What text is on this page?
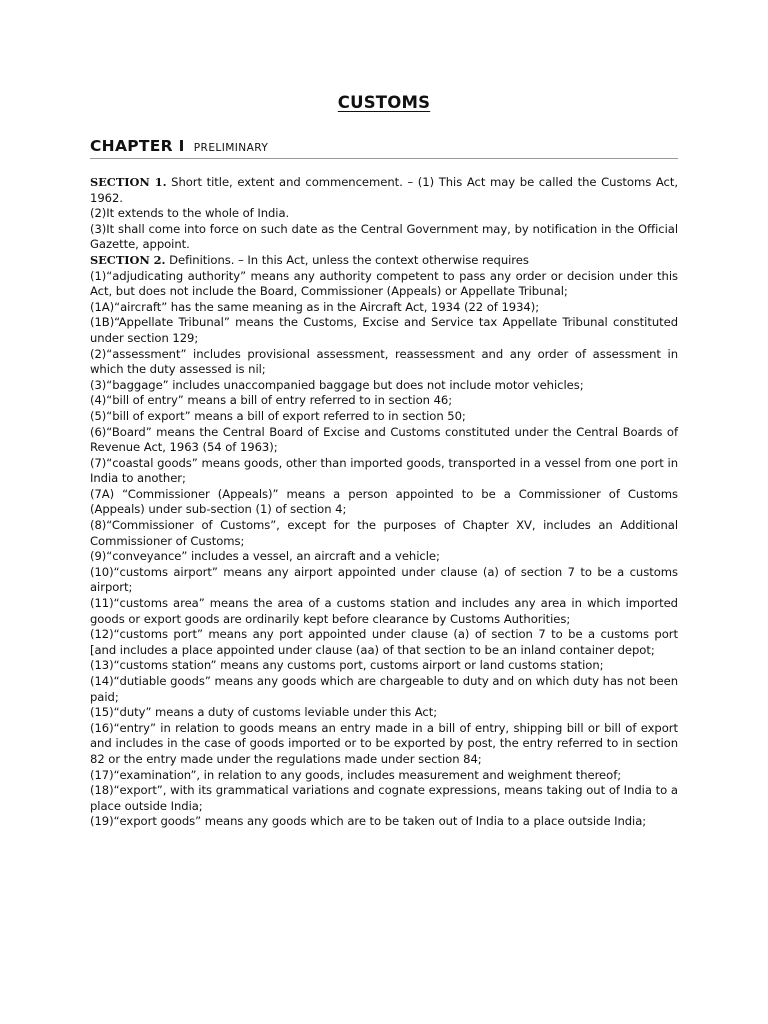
CUSTOMS
CHAPTER I PRELIMINARY

SECTION 1. Short title, extent and commencement. – (1) This Act may be called the Customs Act, 1962.

(2)It extends to the whole of India.

(3)It shall come into force on such date as the Central Government may, by notification in the Official Gazette, appoint.

SECTION 2. Definitions. – In this Act, unless the context otherwise requires

(1)“adjudicating authority” means any authority competent to pass any order or decision under this Act, but does not include the Board, Commissioner (Appeals) or Appellate Tribunal;

(1A)“aircraft” has the same meaning as in the Aircraft Act, 1934 (22 of 1934);

(1B)“Appellate Tribunal” means the Customs, Excise and Service tax Appellate Tribunal constituted under section 129;

(2)“assessment” includes provisional assessment, reassessment and any order of assessment in which the duty assessed is nil;

(3)“baggage” includes unaccompanied baggage but does not include motor vehicles;

(4)“bill of entry” means a bill of entry referred to in section 46;

(5)“bill of export” means a bill of export referred to in section 50;

(6)“Board” means the Central Board of Excise and Customs constituted under the Central Boards of Revenue Act, 1963 (54 of 1963);

(7)“coastal goods” means goods, other than imported goods, transported in a vessel from one port in India to another;

(7A) “Commissioner (Appeals)” means a person appointed to be a Commissioner of Customs (Appeals) under sub-section (1) of section 4;

(8)“Commissioner of Customs”, except for the purposes of Chapter XV, includes an Additional Commissioner of Customs;

(9)“conveyance” includes a vessel, an aircraft and a vehicle;

(10)“customs airport” means any airport appointed under clause (a) of section 7 to be a customs airport;

(11)“customs area” means the area of a customs station and includes any area in which imported goods or export goods are ordinarily kept before clearance by Customs Authorities;

(12)“customs port” means any port appointed under clause (a) of section 7 to be a customs port [and includes a place appointed under clause (aa) of that section to be an inland container depot;

(13)“customs station” means any customs port, customs airport or land customs station;

(14)“dutiable goods” means any goods which are chargeable to duty and on which duty has not been paid;

(15)“duty” means a duty of customs leviable under this Act;

(16)“entry” in relation to goods means an entry made in a bill of entry, shipping bill or bill of export and includes in the case of goods imported or to be exported by post, the entry referred to in section 82 or the entry made under the regulations made under section 84;

(17)“examination”, in relation to any goods, includes measurement and weighment thereof;

(18)“export”, with its grammatical variations and cognate expressions, means taking out of India to a place outside India;

(19)“export goods” means any goods which are to be taken out of India to a place outside India;
